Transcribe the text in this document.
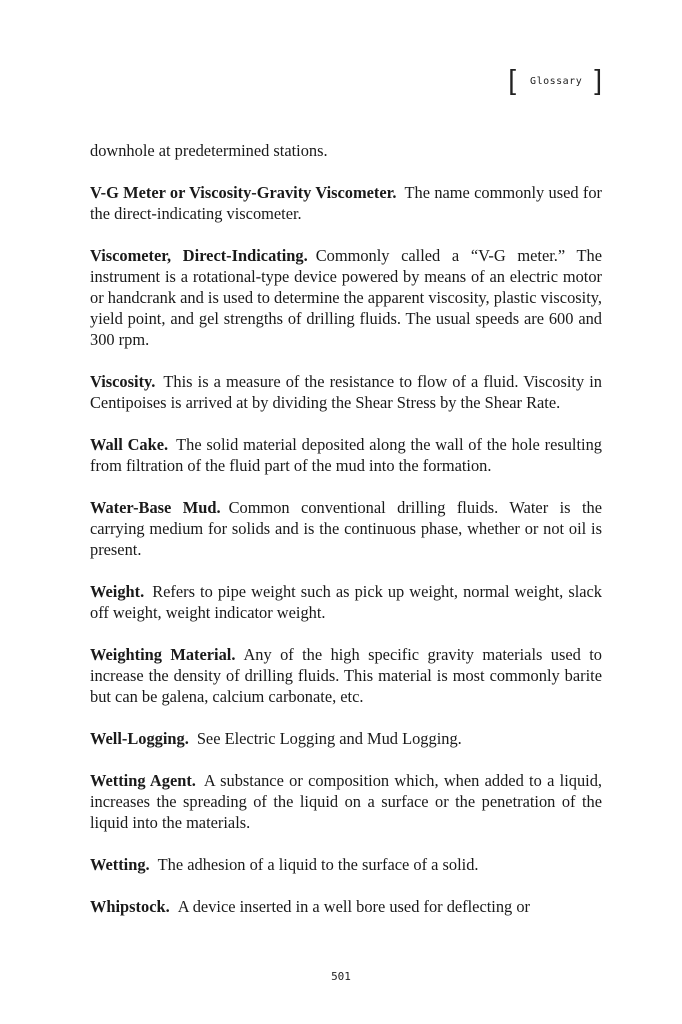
[ Glossary ]

downhole at predetermined stations.

V-G Meter or Viscosity-Gravity Viscometer. The name commonly used for the direct-indicating viscometer.

Viscometer, Direct-Indicating. Commonly called a “V-G meter.” The instrument is a rotational-type device powered by means of an electric motor or handcrank and is used to determine the apparent viscosity, plastic viscosity, yield point, and gel strengths of drilling fluids. The usual speeds are 600 and 300 rpm.

Viscosity. This is a measure of the resistance to flow of a fluid. Viscosity in Centipoises is arrived at by dividing the Shear Stress by the Shear Rate.

Wall Cake. The solid material deposited along the wall of the hole resulting from filtration of the fluid part of the mud into the formation.

Water-Base Mud. Common conventional drilling fluids. Water is the carrying medium for solids and is the continuous phase, whether or not oil is present.

Weight. Refers to pipe weight such as pick up weight, normal weight, slack off weight, weight indicator weight.

Weighting Material. Any of the high specific gravity materials used to increase the density of drilling fluids. This material is most commonly barite but can be galena, calcium carbonate, etc.

Well-Logging. See Electric Logging and Mud Logging.

Wetting Agent. A substance or composition which, when added to a liquid, increases the spreading of the liquid on a surface or the penetration of the liquid into the materials.

Wetting. The adhesion of a liquid to the surface of a solid.

Whipstock. A device inserted in a well bore used for deflecting or

501
